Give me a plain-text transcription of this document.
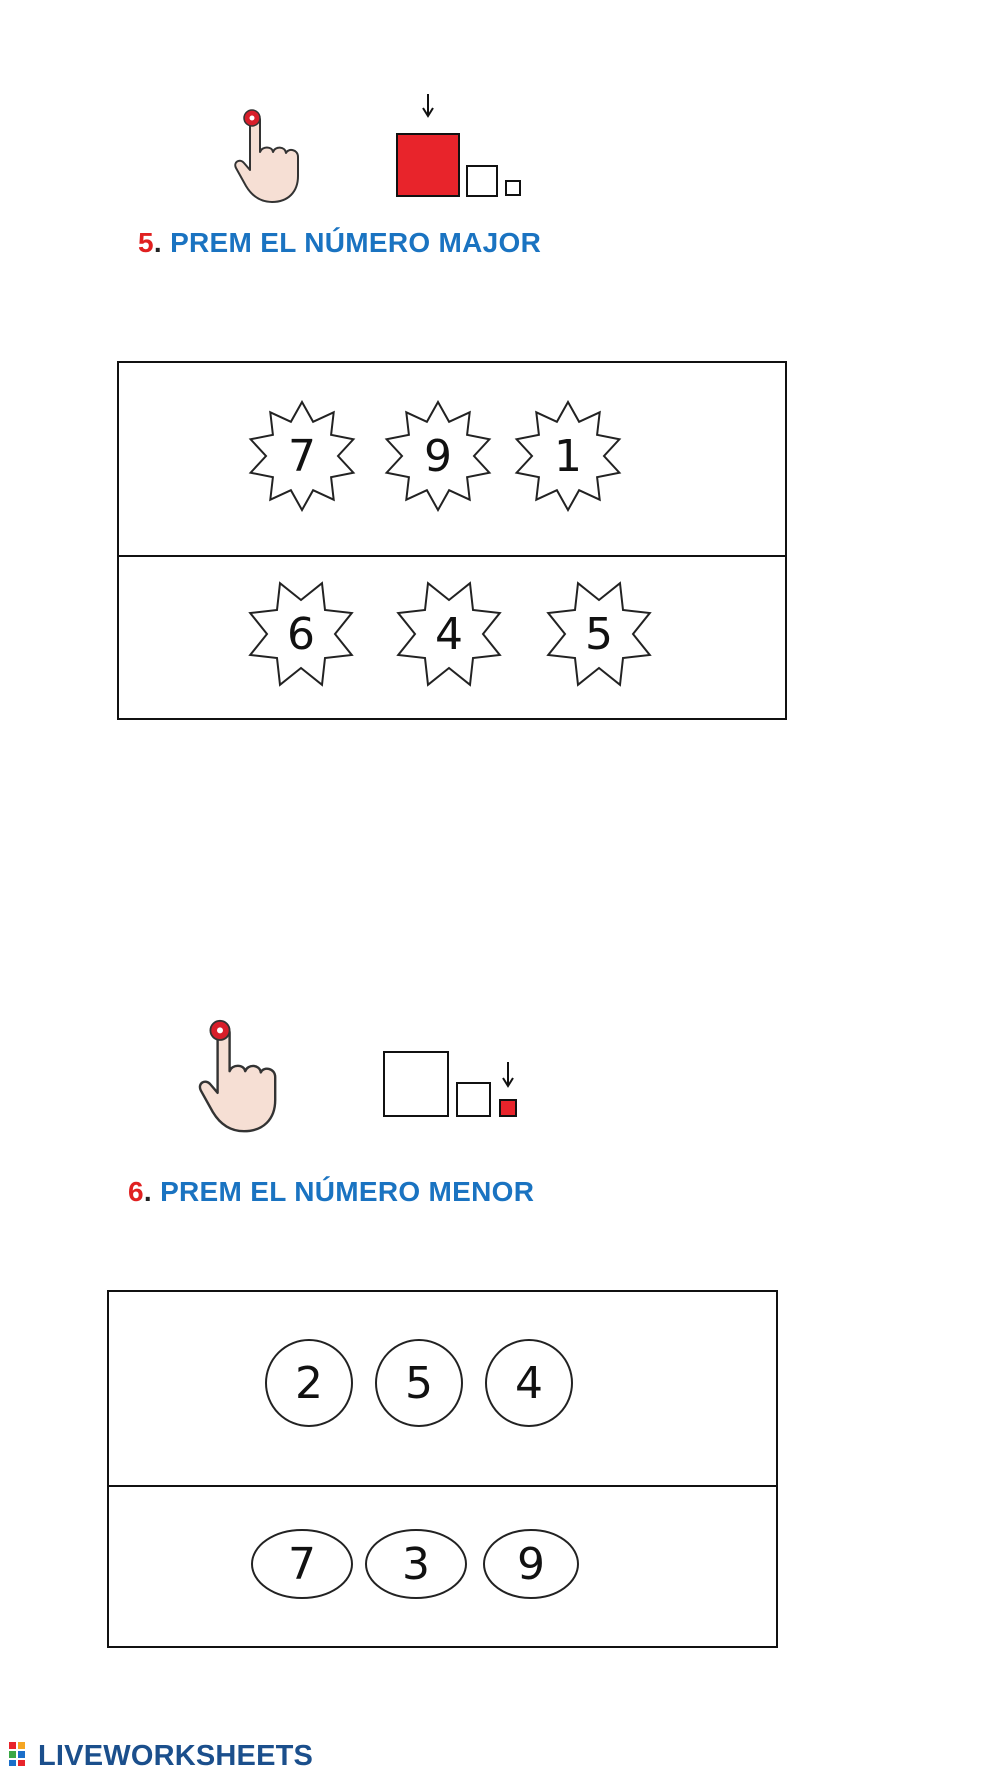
5. PREM EL NÚMERO MAJOR
7	9	1
6	4	5
6. PREM EL NÚMERO MENOR
2	5	4
7	3	9
LIVEWORKSHEETS
